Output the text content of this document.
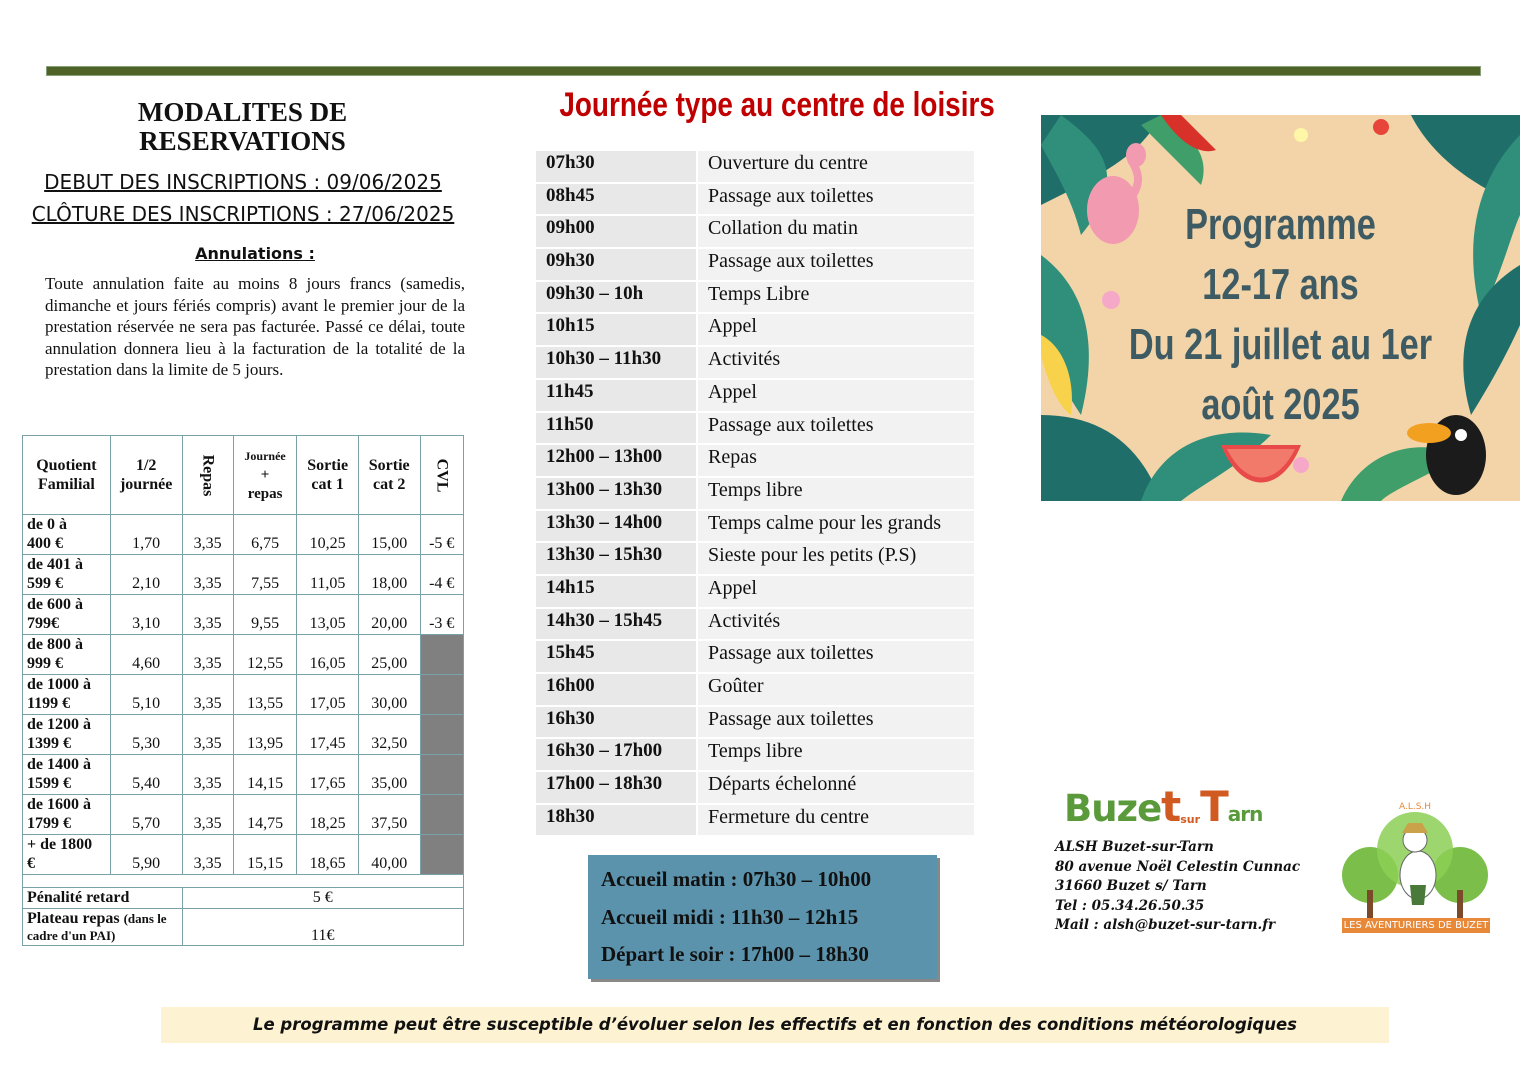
MODALITES DE
RESERVATIONS
DEBUT DES INSCRIPTIONS : 09/06/2025
CLÔTURE DES INSCRIPTIONS : 27/06/2025
Annulations :
Toute annulation faite au moins 8 jours francs (samedis, dimanche et jours fériés compris) avant le premier jour de la prestation réservée ne sera pas facturée. Passé ce délai, toute annulation donnera lieu à la facturation de la totalité de la prestation dans la limite de 5 jours.
Quotient Familial	1/2 journée	Repas	Journée
+
repas	Sortie cat 1	Sortie cat 2	CVL

de 0 à
400 €	1,70	3,35	6,75	10,25	15,00	-5 €

de 401 à
599 €	2,10	3,35	7,55	11,05	18,00	-4 €

de 600 à
799€	3,10	3,35	9,55	13,05	20,00	-3 €

de 800 à
999 €	4,60	3,35	12,55	16,05	25,00	

de 1000 à
1199 €	5,10	3,35	13,55	17,05	30,00	

de 1200 à
1399 €	5,30	3,35	13,95	17,45	32,50	

de 1400 à
1599 €	5,40	3,35	14,15	17,65	35,00	

de 1600 à
1799 €	5,70	3,35	14,75	18,25	37,50	

+ de 1800
€	5,90	3,35	15,15	18,65	40,00	

Pénalité retard		5 €				
Plateau repas (dans le cadre d'un PAI)		11€				
Journée type au centre de loisirs
07h30	Ouverture du centre
08h45	Passage aux toilettes
09h00	Collation du matin
09h30	Passage aux toilettes
09h30 – 10h	Temps Libre
10h15	Appel
10h30 – 11h30	Activités
11h45	Appel
11h50	Passage aux toilettes
12h00 – 13h00	Repas
13h00 – 13h30	Temps libre
13h30 – 14h00	Temps calme pour les grands
13h30 – 15h30	Sieste pour les petits (P.S)
14h15	Appel
14h30 – 15h45	Activités
15h45	Passage aux toilettes
16h00	Goûter
16h30	Passage aux toilettes
16h30 – 17h00	Temps libre
17h00 – 18h30	Départs échelonné
18h30	Fermeture du centre
Accueil matin : 07h30 – 10h00
Accueil midi : 11h30 – 12h15
Départ le soir : 17h00 – 18h30
Programme
12-17 ans
Du 21 juillet au 1er
août 2025
BuzetsurTarn
ALSH Buzet-sur-Tarn
80 avenue Noël Celestin Cunnac
31660 Buzet s/ Tarn
Tel : 05.34.26.50.35
Mail : alsh@buzet-sur-tarn.fr
A.L.S.H
LES AVENTURIERS DE BUZET
Le programme peut être susceptible d’évoluer selon les effectifs et en fonction des conditions météorologiques
